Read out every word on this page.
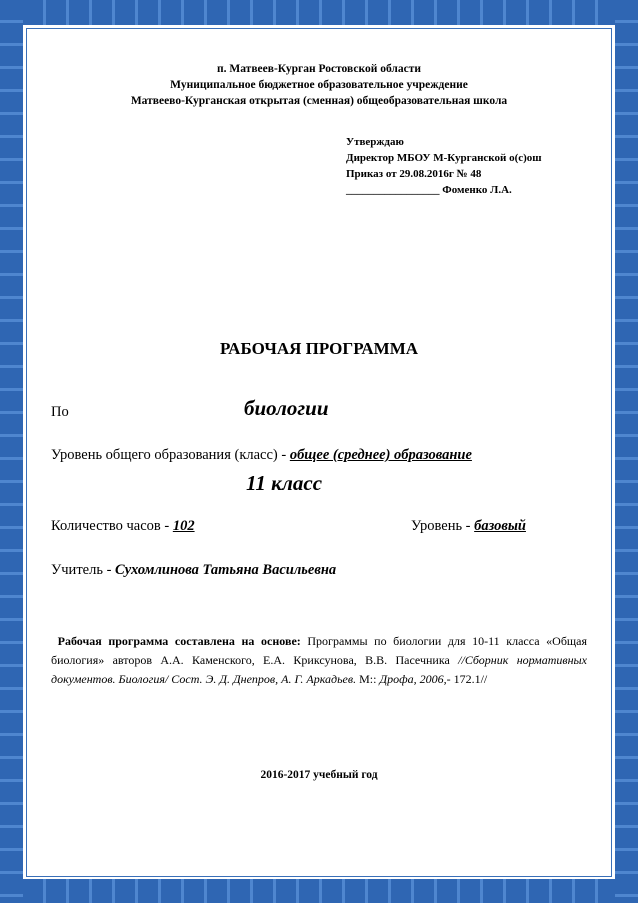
п. Матвеев-Курган Ростовской области
Муниципальное бюджетное образовательное учреждение
Матвеево-Курганская открытая (сменная) общеобразовательная школа
Утверждаю
Директор МБОУ М-Курганской о(с)ош
Приказ от 29.08.2016г № 48
_________________ Фоменко Л.А.
РАБОЧАЯ ПРОГРАММА
По	биологии
Уровень общего образования (класс) - общее (среднее) образование
11 класс
Количество часов - 102	Уровень - базовый
Учитель - Сухомлинова Татьяна Васильевна
Рабочая программа составлена на основе: Программы по биологии для 10-11 класса «Общая биология» авторов А.А. Каменского, Е.А. Криксунова, В.В. Пасечника //Сборник нормативных документов. Биология/ Сост. Э. Д. Днепров, А. Г. Аркадьев. М:: Дрофа, 2006,- 172.1//
2016-2017 учебный год
